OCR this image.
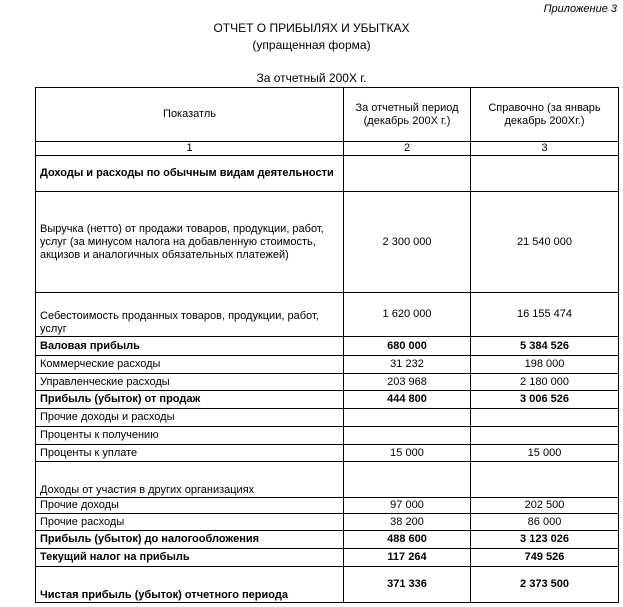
Приложение 3
ОТЧЕТ О ПРИБЫЛЯХ И УБЫТКАХ
(упращенная форма)
За отчетный 200X г.
Показатль	За отчетный период (декабрь 200X г.)	Справочно (за январь декабрь 200Xг.)
1	2	3
Доходы и расходы по обычным видам деятельности		
Выручка (нетто) от продажи товаров, продукции, работ, услуг (за минусом налога на добавленную стоимость, акцизов и аналогичных обязательных платежей)	2 300 000	21 540 000
Себестоимость проданных товаров, продукции, работ, услуг	1 620 000	16 155 474
Валовая прибыль	680 000	5 384 526
Коммерческие расходы	31 232	198 000
Управленческие расходы	203 968	2 180 000
Прибыль (убыток) от продаж	444 800	3 006 526
Прочие доходы и расходы		
Проценты к получению		
Проценты к уплате	15 000	15 000
Доходы от участия в других организациях		
Прочие доходы	97 000	202 500
Прочие расходы	38 200	86 000
Прибыль (убыток) до налогообложения	488 600	3 123 026
Текущий налог на прибыль	117 264	749 526
Чистая прибыль (убыток) отчетного периода	371 336	2 373 500
